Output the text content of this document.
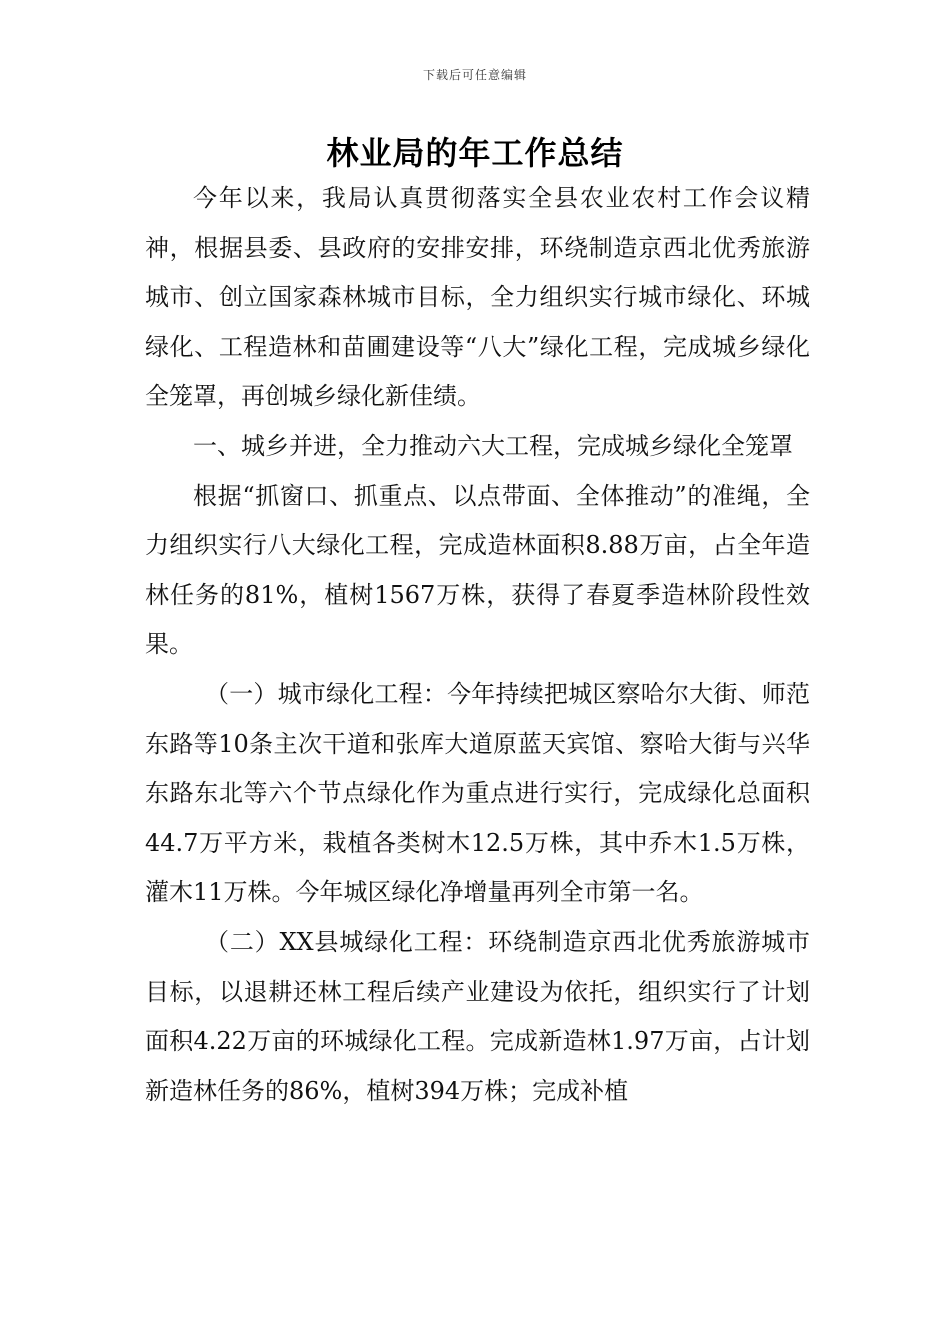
下载后可任意编辑
林业局的年工作总结

今年以来，我局认真贯彻落实全县农业农村工作会议精神，根据县委、县政府的安排安排，环绕制造京西北优秀旅游城市、创立国家森林城市目标，全力组织实行城市绿化、环城绿化、工程造林和苗圃建设等“八大”绿化工程，完成城乡绿化全笼罩，再创城乡绿化新佳绩。

一、城乡并进，全力推动六大工程，完成城乡绿化全笼罩

根据“抓窗口、抓重点、以点带面、全体推动”的准绳，全力组织实行八大绿化工程，完成造林面积8.88万亩，占全年造林任务的81%，植树1567万株，获得了春夏季造林阶段性效果。

（一）城市绿化工程：今年持续把城区察哈尔大街、师范东路等10条主次干道和张库大道原蓝天宾馆、察哈大街与兴华东路东北等六个节点绿化作为重点进行实行，完成绿化总面积44.7万平方米，栽植各类树木12.5万株，其中乔木1.5万株，灌木11万株。今年城区绿化净增量再列全市第一名。

（二）XX县城绿化工程：环绕制造京西北优秀旅游城市目标，以退耕还林工程后续产业建设为依托，组织实行了计划面积4.22万亩的环城绿化工程。完成新造林1.97万亩，占计划新造林任务的86%，植树394万株；完成补植
